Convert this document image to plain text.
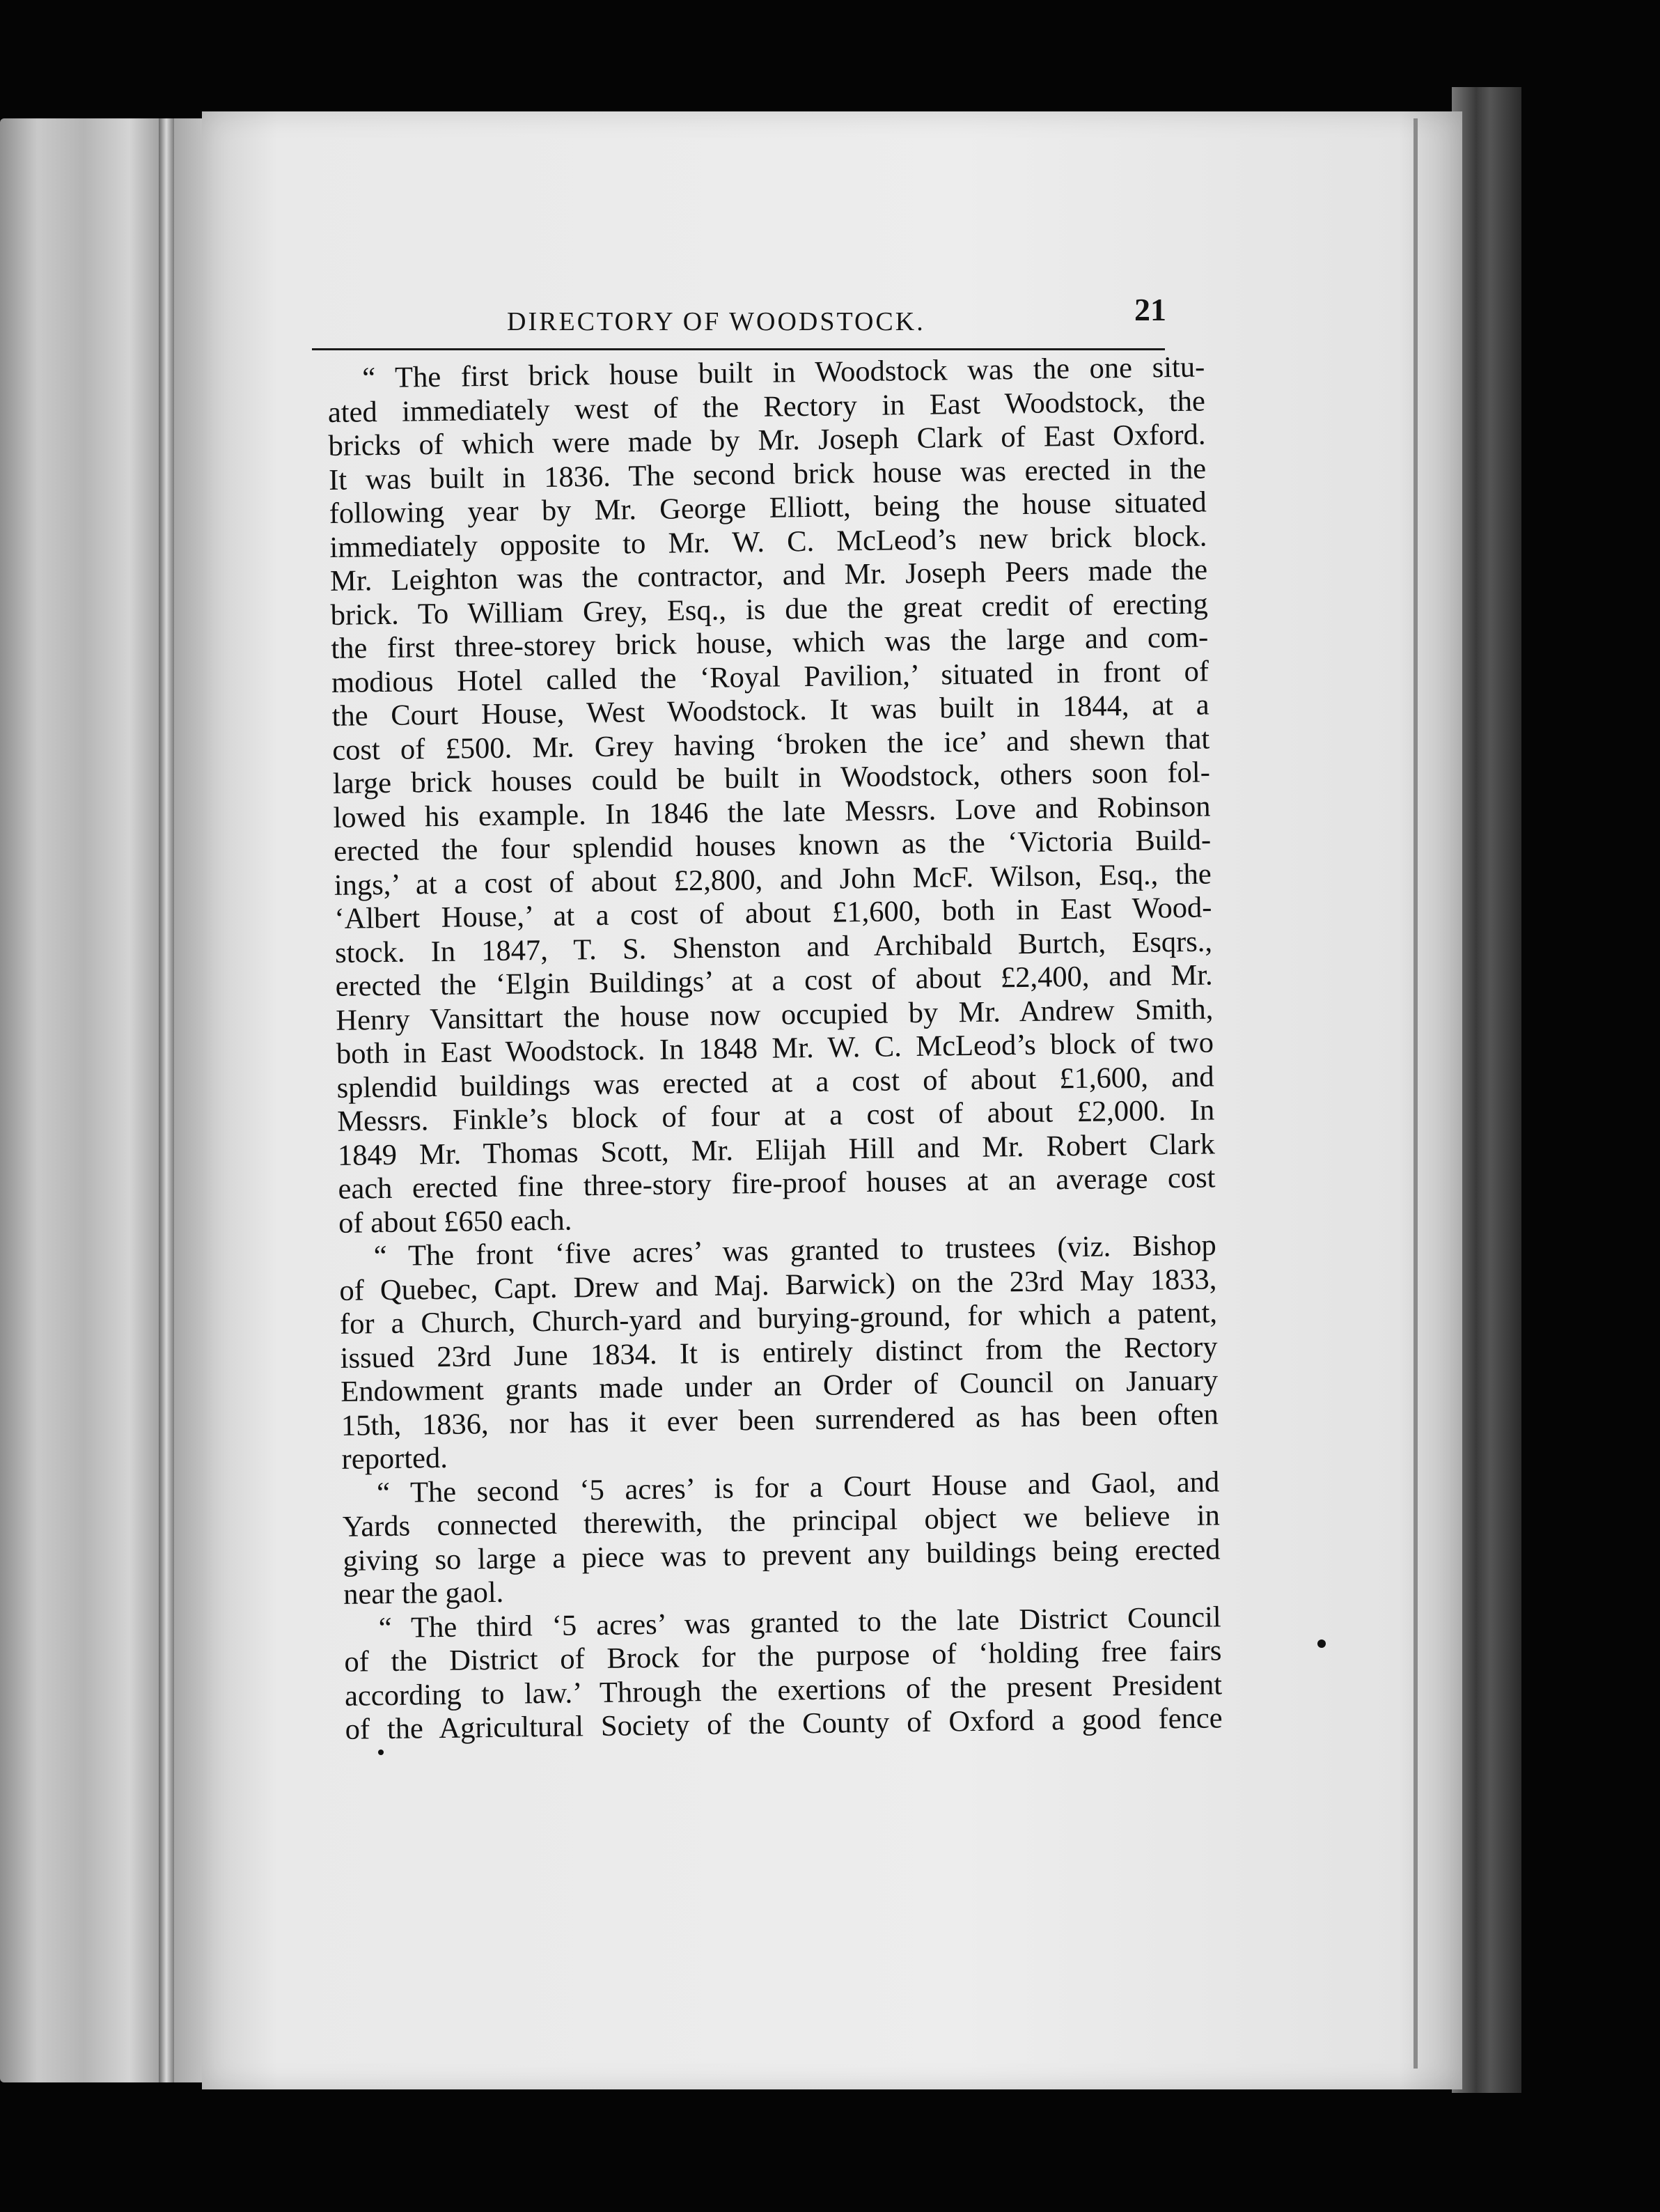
DIRECTORY OF WOODSTOCK.	21
“ The first brick house built in Woodstock was the one situ-
ated immediately west of the Rectory in East Woodstock, the
bricks of which were made by Mr. Joseph Clark of East Oxford.
It was built in 1836. The second brick house was erected in the
following year by Mr. George Elliott, being the house situated
immediately opposite to Mr. W. C. McLeod’s new brick block.
Mr. Leighton was the contractor, and Mr. Joseph Peers made the
brick. To William Grey, Esq., is due the great credit of erecting
the first three-storey brick house, which was the large and com-
modious Hotel called the ‘Royal Pavilion,’ situated in front of
the Court House, West Woodstock. It was built in 1844, at a
cost of £500. Mr. Grey having ‘broken the ice’ and shewn that
large brick houses could be built in Woodstock, others soon fol-
lowed his example. In 1846 the late Messrs. Love and Robinson
erected the four splendid houses known as the ‘Victoria Build-
ings,’ at a cost of about £2,800, and John McF. Wilson, Esq., the
‘Albert House,’ at a cost of about £1,600, both in East Wood-
stock. In 1847, T. S. Shenston and Archibald Burtch, Esqrs.,
erected the ‘Elgin Buildings’ at a cost of about £2,400, and Mr.
Henry Vansittart the house now occupied by Mr. Andrew Smith,
both in East Woodstock. In 1848 Mr. W. C. McLeod’s block of two
splendid buildings was erected at a cost of about £1,600, and
Messrs. Finkle’s block of four at a cost of about £2,000. In
1849 Mr. Thomas Scott, Mr. Elijah Hill and Mr. Robert Clark
each erected fine three-story fire-proof houses at an average cost
of about £650 each.
“ The front ‘five acres’ was granted to trustees (viz. Bishop
of Quebec, Capt. Drew and Maj. Barwick) on the 23rd May 1833,
for a Church, Church-yard and burying-ground, for which a patent,
issued 23rd June 1834. It is entirely distinct from the Rectory
Endowment grants made under an Order of Council on January
15th, 1836, nor has it ever been surrendered as has been often
reported.
“ The second ‘5 acres’ is for a Court House and Gaol, and
Yards connected therewith, the principal object we believe in
giving so large a piece was to prevent any buildings being erected
near the gaol.
“ The third ‘5 acres’ was granted to the late District Council
of the District of Brock for the purpose of ‘holding free fairs
according to law.’ Through the exertions of the present President
of the Agricultural Society of the County of Oxford a good fence
